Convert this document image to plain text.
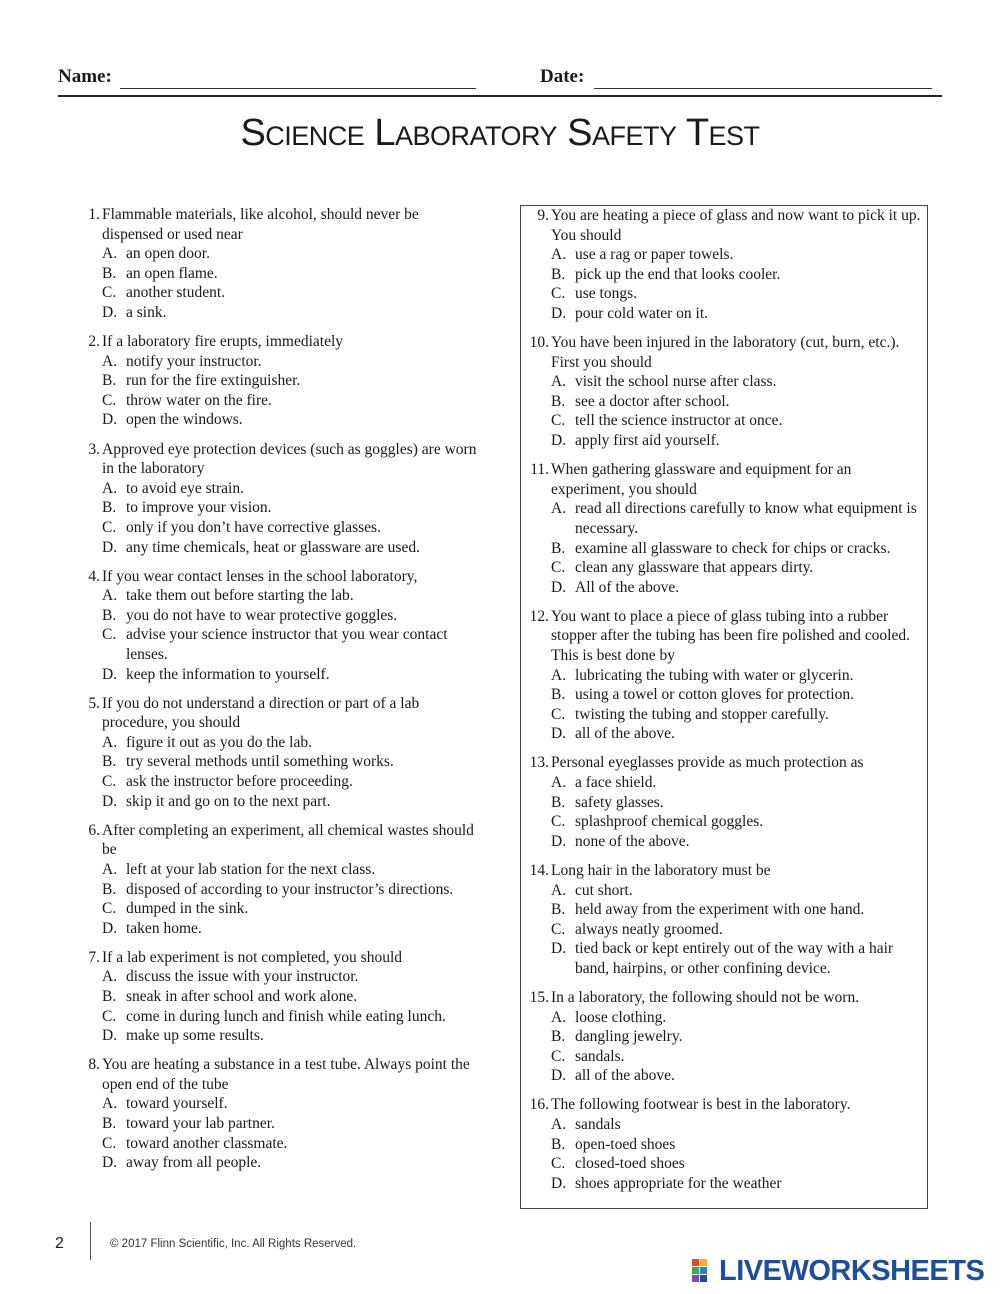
Name:	Date:
Science Laboratory Safety Test
1. Flammable materials, like alcohol, should never be dispensed or used near

A. an open door.
B. an open flame.
C. another student.
D. a sink.
2. If a laboratory fire erupts, immediately

A. notify your instructor.
B. run for the fire extinguisher.
C. throw water on the fire.
D. open the windows.
3. Approved eye protection devices (such as goggles) are worn in the laboratory

A. to avoid eye strain.
B. to improve your vision.
C. only if you don’t have corrective glasses.
D. any time chemicals, heat or glassware are used.
4. If you wear contact lenses in the school laboratory,

A. take them out before starting the lab.
B. you do not have to wear protective goggles.
C. advise your science instructor that you wear contact lenses.
D. keep the information to yourself.
5. If you do not understand a direction or part of a lab procedure, you should

A. figure it out as you do the lab.
B. try several methods until something works.
C. ask the instructor before proceeding.
D. skip it and go on to the next part.
6. After completing an experiment, all chemical wastes should be

A. left at your lab station for the next class.
B. disposed of according to your instructor’s directions.
C. dumped in the sink.
D. taken home.
7. If a lab experiment is not completed, you should

A. discuss the issue with your instructor.
B. sneak in after school and work alone.
C. come in during lunch and finish while eating lunch.
D. make up some results.
8. You are heating a substance in a test tube. Always point the open end of the tube

A. toward yourself.
B. toward your lab partner.
C. toward another classmate.
D. away from all people.
9. You are heating a piece of glass and now want to pick it up. You should

A. use a rag or paper towels.
B. pick up the end that looks cooler.
C. use tongs.
D. pour cold water on it.
10. You have been injured in the laboratory (cut, burn, etc.). First you should

A. visit the school nurse after class.
B. see a doctor after school.
C. tell the science instructor at once.
D. apply first aid yourself.
11. When gathering glassware and equipment for an experiment, you should

A. read all directions carefully to know what equipment is necessary.
B. examine all glassware to check for chips or cracks.
C. clean any glassware that appears dirty.
D. All of the above.
12. You want to place a piece of glass tubing into a rubber stopper after the tubing has been fire polished and cooled. This is best done by

A. lubricating the tubing with water or glycerin.
B. using a towel or cotton gloves for protection.
C. twisting the tubing and stopper carefully.
D. all of the above.
13. Personal eyeglasses provide as much protection as

A. a face shield.
B. safety glasses.
C. splashproof chemical goggles.
D. none of the above.
14. Long hair in the laboratory must be

A. cut short.
B. held away from the experiment with one hand.
C. always neatly groomed.
D. tied back or kept entirely out of the way with a hair band, hairpins, or other confining device.
15. In a laboratory, the following should not be worn.

A. loose clothing.
B. dangling jewelry.
C. sandals.
D. all of the above.
16. The following footwear is best in the laboratory.

A. sandals
B. open-toed shoes
C. closed-toed shoes
D. shoes appropriate for the weather
2	© 2017 Flinn Scientific, Inc. All Rights Reserved.
LIVEWORKSHEETS
